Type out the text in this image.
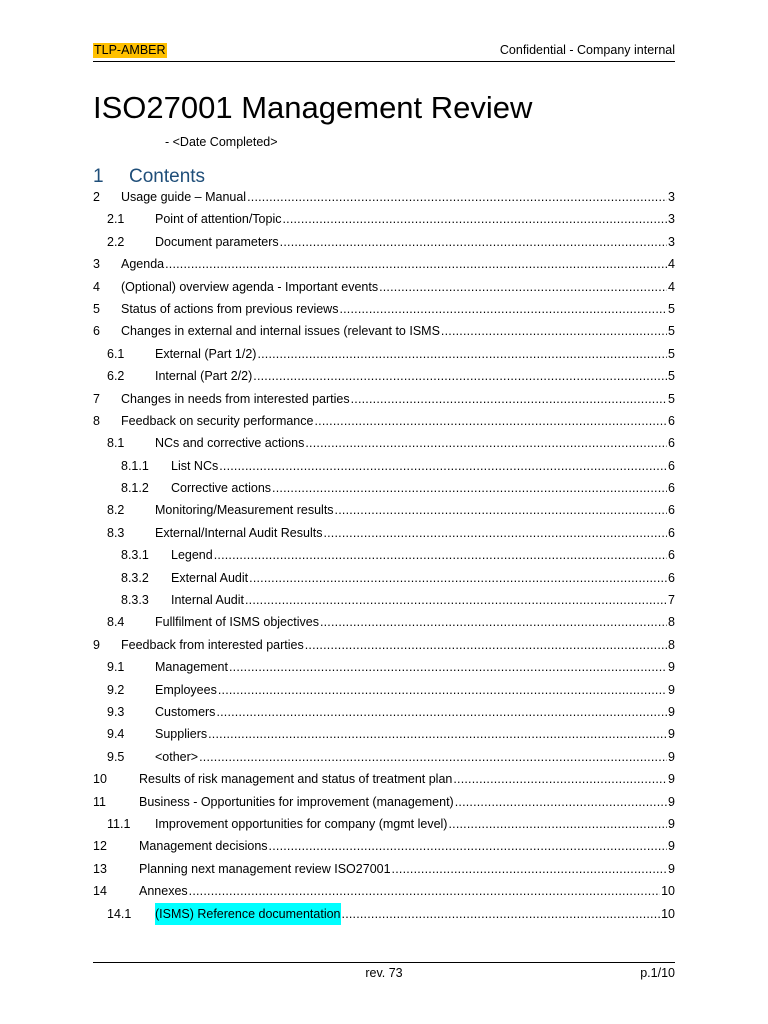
TLP-AMBER	Confidential - Company internal
ISO27001 Management Review
- <Date Completed>
1 Contents
2	Usage guide – Manual .....	3
2.1	Point of attention/Topic .....	3
2.2	Document parameters .....	3
3	Agenda .....	4
4	(Optional) overview agenda - Important events .....	4
5	Status of actions from previous reviews .....	5
6	Changes in external and internal issues (relevant to ISMS .....	5
6.1	External (Part 1/2) .....	5
6.2	Internal (Part 2/2) .....	5
7	Changes in needs from interested parties .....	5
8	Feedback on security performance .....	6
8.1	NCs and corrective actions .....	6
8.1.1	List NCs .....	6
8.1.2	Corrective actions .....	6
8.2	Monitoring/Measurement results .....	6
8.3	External/Internal Audit Results .....	6
8.3.1	Legend .....	6
8.3.2	External Audit .....	6
8.3.3	Internal Audit .....	7
8.4	Fullfilment of ISMS objectives .....	8
9	Feedback from interested parties .....	8
9.1	Management .....	9
9.2	Employees .....	9
9.3	Customers .....	9
9.4	Suppliers .....	9
9.5	<other> .....	9
10	Results of risk management and status of treatment plan .....	9
11	Business - Opportunities for improvement (management) .....	9
11.1	Improvement opportunities for company (mgmt level) .....	9
12	Management decisions .....	9
13	Planning next management review ISO27001 .....	9
14	Annexes .....	10
14.1	(ISMS) Reference documentation .....	10
rev. 73	p.1/10
